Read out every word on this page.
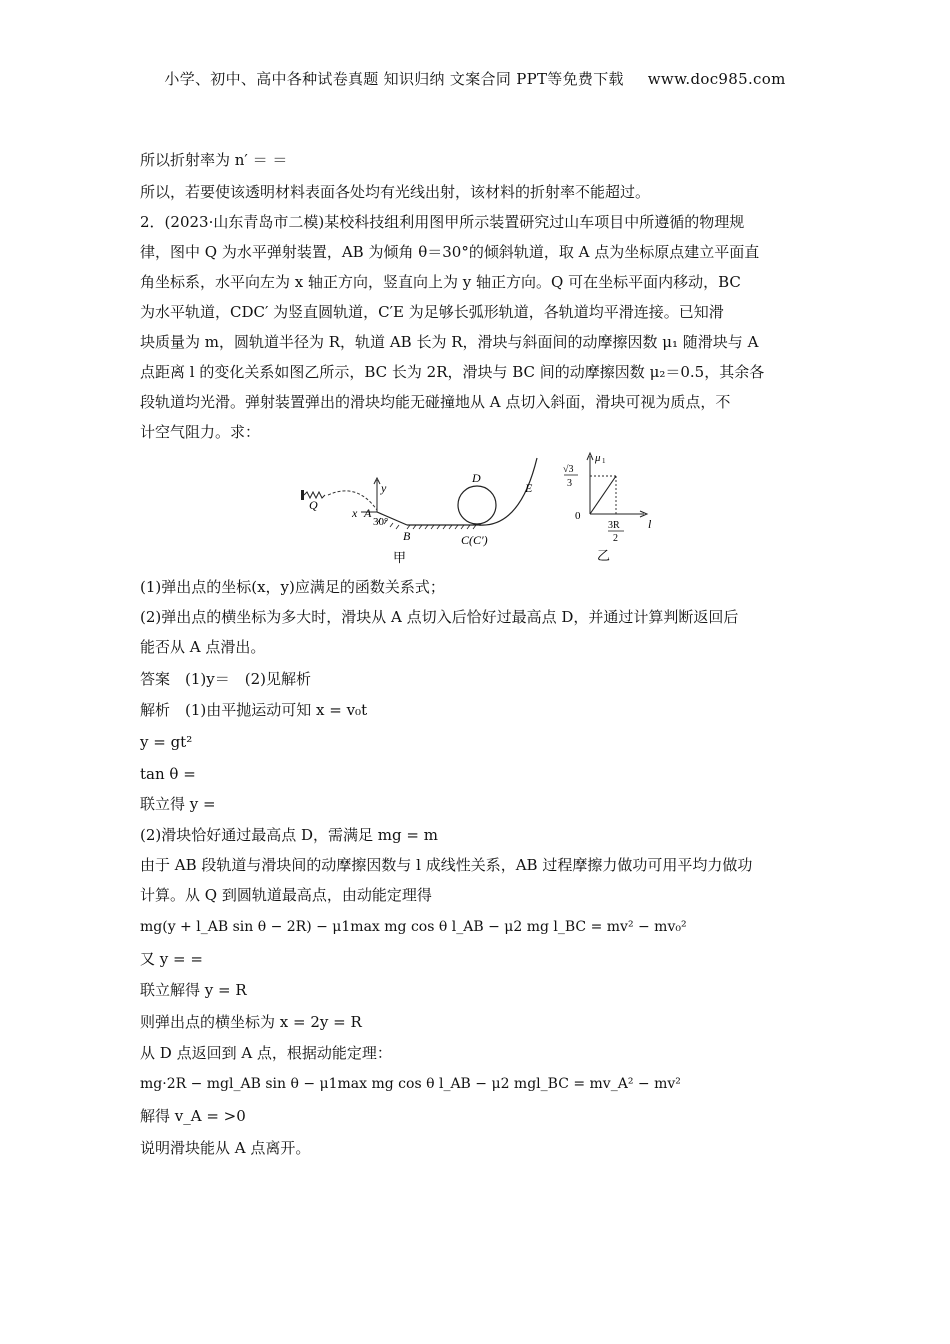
小学、初中、高中各种试卷真题 知识归纳 文案合同 PPT等免费下载 www.doc985.com
所以折射率为 n′ ＝ ＝
所以，若要使该透明材料表面各处均有光线出射，该材料的折射率不能超过。
2．(2023·山东青岛市二模)某校科技组利用图甲所示装置研究过山车项目中所遵循的物理规
律，图中 Q 为水平弹射装置，AB 为倾角 θ＝30°的倾斜轨道，取 A 点为坐标原点建立平面直
角坐标系，水平向左为 x 轴正方向，竖直向上为 y 轴正方向。Q 可在坐标平面内移动，BC
为水平轨道，CDC′ 为竖直圆轨道，C′E 为足够长弧形轨道，各轨道均平滑连接。已知滑
块质量为 m，圆轨道半径为 R，轨道 AB 长为 R，滑块与斜面间的动摩擦因数 μ₁ 随滑块与 A
点距离 l 的变化关系如图乙所示，BC 长为 2R，滑块与 BC 间的动摩擦因数 μ₂＝0.5，其余各
段轨道均光滑。弹射装置弹出的滑块均能无碰撞地从 A 点切入斜面，滑块可视为质点，不
计空气阻力。求：
Q
x A
y
30°
B
D
E
C(C′)
甲
μ 1
√3
3
0
3R
2
l
乙
(1)弹出点的坐标(x，y)应满足的函数关系式；
(2)弹出点的横坐标为多大时，滑块从 A 点切入后恰好过最高点 D，并通过计算判断返回后
能否从 A 点滑出。
答案　(1)y＝　(2)见解析
解析　(1)由平抛运动可知 x = v₀t
y = gt²
tan θ =
联立得 y =
(2)滑块恰好通过最高点 D，需满足 mg = m
由于 AB 段轨道与滑块间的动摩擦因数与 l 成线性关系，AB 过程摩擦力做功可用平均力做功
计算。从 Q 到圆轨道最高点，由动能定理得
mg(y + l_AB sin θ − 2R) − μ1max mg cos θ l_AB − μ2 mg l_BC = mv² − mv₀²
又 y = =
联立解得 y = R
则弹出点的横坐标为 x = 2y = R
从 D 点返回到 A 点，根据动能定理：
mg·2R − mgl_AB sin θ − μ1max mg cos θ l_AB − μ2 mgl_BC = mv_A² − mv²
解得 v_A = >0
说明滑块能从 A 点离开。
